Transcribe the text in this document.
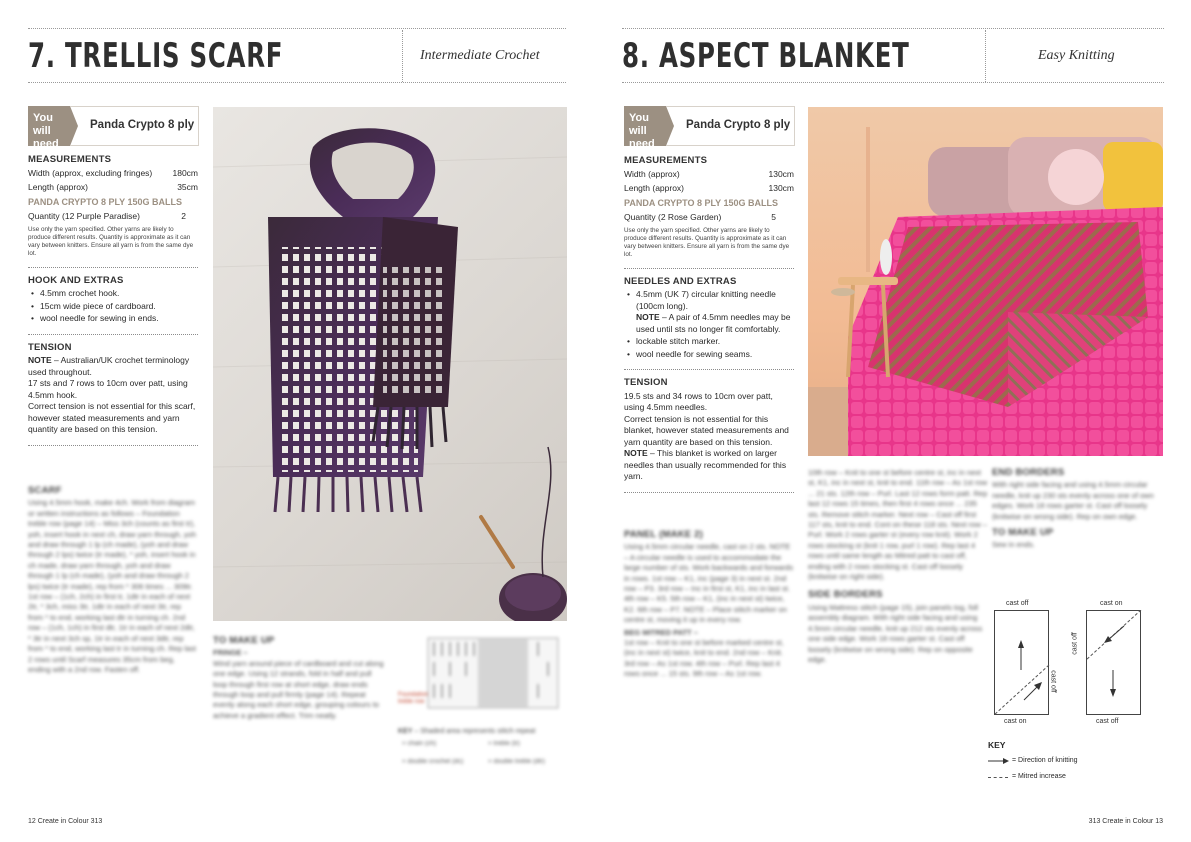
7. TRELLIS SCARF	Intermediate Crochet
You will need
Panda Crypto 8 ply
MEASUREMENTS
Width (approx, excluding fringes) 180cm
Length (approx)	35cm
PANDA CRYPTO 8 PLY 150G BALLS
Quantity (12 Purple Paradise)	2
Use only the yarn specified. Other yarns are likely to produce different results. Quantity is approximate as it can vary between knitters. Ensure all yarn is from the same dye lot.
HOOK AND EXTRAS
• 4.5mm crochet hook.
• 15cm wide piece of cardboard.
• wool needle for sewing in ends.
TENSION
NOTE – Australian/UK crochet terminology used throughout.
17 sts and 7 rows to 10cm over patt, using 4.5mm hook.
Correct tension is not essential for this scarf, however stated measurements and yarn quantity are based on this tension.
SCARF
Using 4.5mm hook, make 4ch. Work from diagram or written instructions as follows – Foundation treble row (page 14) – Miss 3ch (counts as first tr), yoh, insert hook in next ch, draw yarn through, yoh and draw through 1 lp (ch made), (yoh and draw through 2 lps) twice (tr made), * yoh, insert hook in ch made, draw yarn through, yoh and draw through 1 lp (ch made), (yoh and draw through 2 lps) twice (tr made), rep from * 306 times ... 309tr. 1st row – (1ch, 2ch) in first tr, 1dtr in each of next 2tr, * 3ch, miss 3tr, 1dtr in each of next 3tr, rep from * to end, working last dtr in turning ch. 2nd row – (1ch, 1ch) in first dtr, 1tr in each of next 2dtr, * 3tr in next 3ch sp, 1tr in each of next 3dtr, rep from * to end, working last tr in turning ch. Rep last 2 rows until Scarf measures 35cm from beg, ending with a 2nd row. Fasten off.
TO MAKE UP
FRINGE –
Wind yarn around piece of cardboard and cut along one edge. Using 12 strands, fold in half and pull loop through first row at short edge, draw ends through loop and pull firmly (page 14). Repeat evenly along each short edge, grouping colours to achieve a gradient effect. Trim neatly.
Foundation treble row
KEY – Shaded area represents stitch repeat
= chain (ch)	= treble (tr)
= double crochet (dc)	= double treble (dtr)
12 Create in Colour 313
8. ASPECT BLANKET	Easy Knitting
You will need
Panda Crypto 8 ply
MEASUREMENTS
Width (approx)	130cm
Length (approx)	130cm
PANDA CRYPTO 8 PLY 150G BALLS
Quantity (2 Rose Garden)	5
Use only the yarn specified. Other yarns are likely to produce different results. Quantity is approximate as it can vary between knitters. Ensure all yarn is from the same dye lot.
NEEDLES AND EXTRAS
• 4.5mm (UK 7) circular knitting needle (100cm long).
NOTE – A pair of 4.5mm needles may be used until sts no longer fit comfortably.
• lockable stitch marker.
• wool needle for sewing seams.
TENSION
19.5 sts and 34 rows to 10cm over patt, using 4.5mm needles.
Correct tension is not essential for this blanket, however stated measurements and yarn quantity are based on this tension.
NOTE – This blanket is worked on larger needles than usually recommended for this yarn.
PANEL (MAKE 2)
Using 4.5mm circular needle, cast on 2 sts. NOTE – A circular needle is used to accommodate the large number of sts. Work backwards and forwards in rows. 1st row – K1, inc (page 3) in next st. 2nd row – P3. 3rd row – Inc in first st, K1, inc in last st. 4th row – K5. 5th row – K1, (inc in next st) twice, K2. 6th row – P7. NOTE – Place stitch marker on centre st, moving it up in every row.
BEG MITRED PATT –
1st row – Knit to one st before marked centre st, (inc in next st) twice, knit to end. 2nd row – Knit. 3rd row – As 1st row. 4th row – Purl. Rep last 4 rows once ... 15 sts. 9th row – As 1st row.
10th row – Knit to one st before centre st, inc in next st, K1, inc in next st, knit to end. 11th row – As 1st row ... 21 sts. 12th row – Purl. Last 12 rows form patt. Rep last 12 rows 15 times, then first 4 rows once ... 235 sts. Remove stitch marker. Next row – Cast off first 117 sts, knit to end. Cont on these 118 sts. Next row – Purl. Work 2 rows garter st (every row knit). Work 2 rows stocking st (knit 1 row, purl 1 row). Rep last 4 rows until same length as Mitred patt to cast off, ending with 2 rows stocking st. Cast off loosely (knitwise on right side).
SIDE BORDERS
Using Mattress stitch (page 15), join panels tog, foll assembly diagram. With right side facing and using 4.5mm circular needle, knit up 212 sts evenly across one side edge. Work 18 rows garter st. Cast off loosely (knitwise on wrong side). Rep on opposite edge.
END BORDERS
With right side facing and using 4.5mm circular needle, knit up 230 sts evenly across one of own edges. Work 18 rows garter st. Cast off loosely (knitwise on wrong side). Rep on own edge.
TO MAKE UP
Sew in ends.
cast off
cast on
cast off
cast on
cast off
cast off
KEY
= Direction of knitting
= Mitred increase
313 Create in Colour 13
